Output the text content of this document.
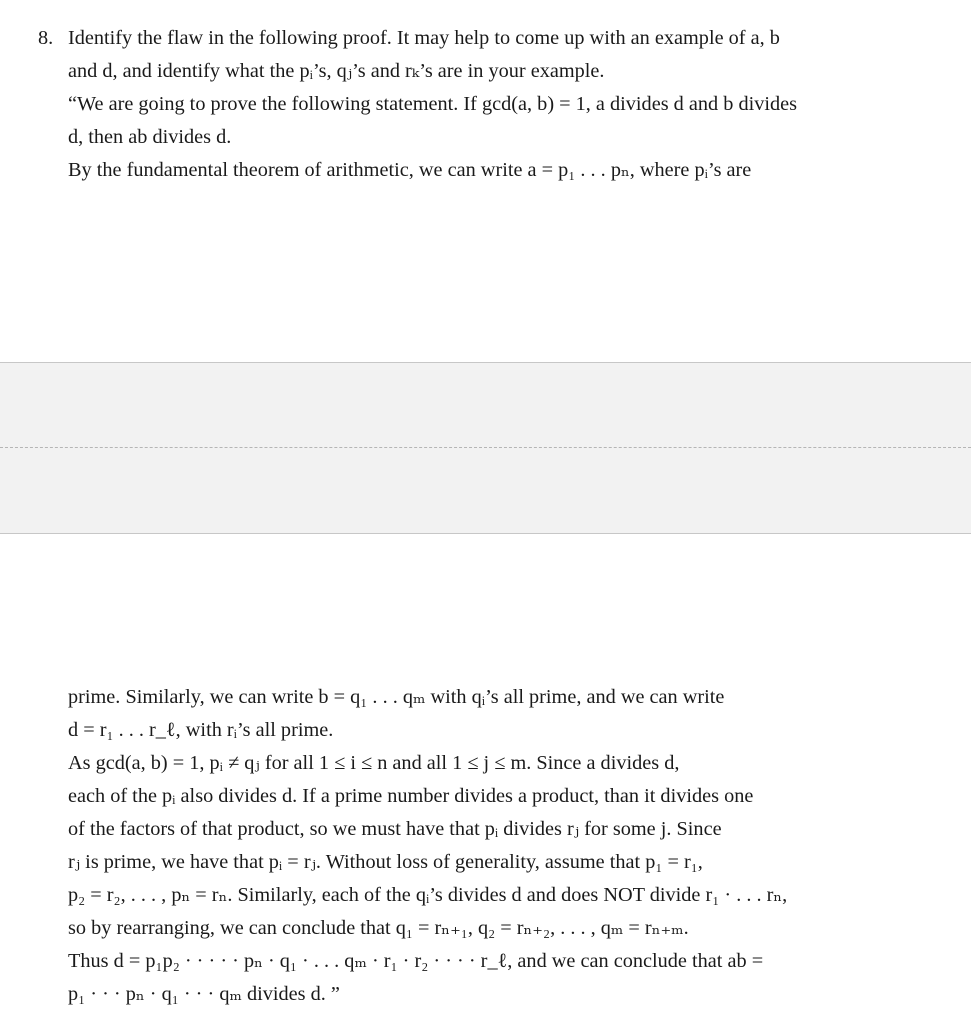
8. Identify the flaw in the following proof. It may help to come up with an example of a, b

and d, and identify what the pᵢ’s, qⱼ’s and rₖ’s are in your example.

“We are going to prove the following statement. If gcd(a, b) = 1, a divides d and b divides

d, then ab divides d.

By the fundamental theorem of arithmetic, we can write a = p₁ . . . pₙ, where pᵢ’s are

prime. Similarly, we can write b = q₁ . . . qₘ with qᵢ’s all prime, and we can write

d = r₁ . . . r_ℓ, with rᵢ’s all prime.

As gcd(a, b) = 1, pᵢ ≠ qⱼ for all 1 ≤ i ≤ n and all 1 ≤ j ≤ m. Since a divides d,

each of the pᵢ also divides d. If a prime number divides a product, than it divides one

of the factors of that product, so we must have that pᵢ divides rⱼ for some j. Since

rⱼ is prime, we have that pᵢ = rⱼ. Without loss of generality, assume that p₁ = r₁,

p₂ = r₂, . . . , pₙ = rₙ. Similarly, each of the qᵢ’s divides d and does NOT divide r₁ · . . . rₙ,

so by rearranging, we can conclude that q₁ = rₙ₊₁, q₂ = rₙ₊₂, . . . , qₘ = rₙ₊ₘ.

Thus d = p₁p₂ · · · · · pₙ · q₁ · . . . qₘ · r₁ · r₂ · · · · r_ℓ, and we can conclude that ab =

p₁ · · · pₙ · q₁ · · · qₘ divides d. ”
